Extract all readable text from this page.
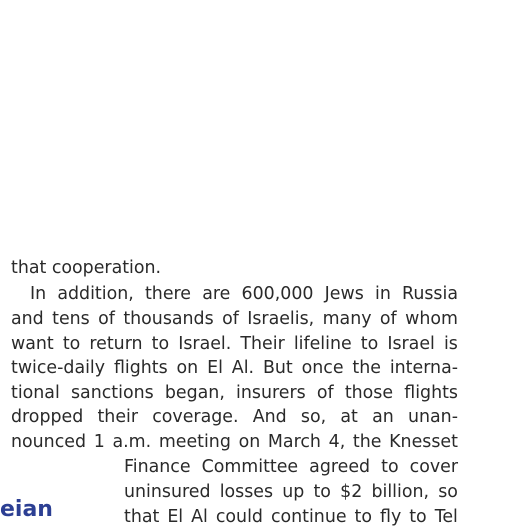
that cooperation.
In addition, there are 600,000 Jews in Russia
and tens of thousands of Israelis, many of whom
want to return to Israel. Their lifeline to Israel is
twice-daily flights on El Al. But once the interna-
tional sanctions began, insurers of those flights
dropped their coverage. And so, at an unan-
nounced 1 a.m. meeting on March 4, the Knesset
Finance Committee agreed to cover
uninsured losses up to $2 billion, so
that El Al could continue to fly to Tel
eian
